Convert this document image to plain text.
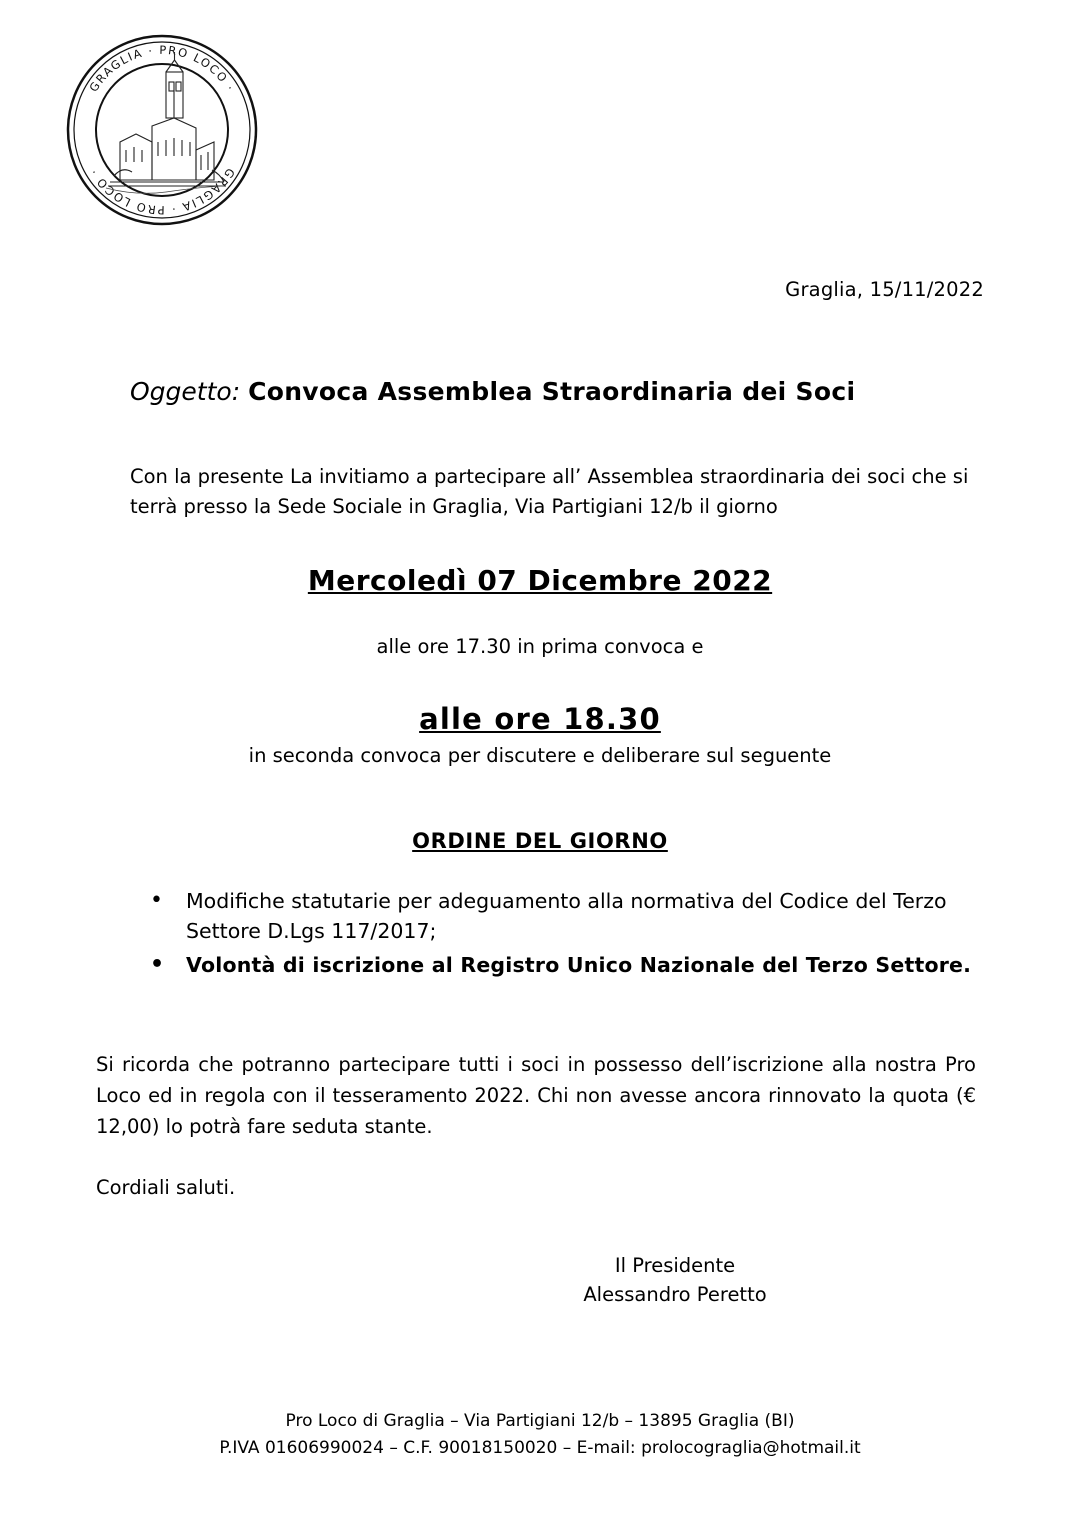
GRAGLIA · PRO LOCO ·
GRAGLIA · PRO LOCO ·
Graglia, 15/11/2022
Oggetto: Convoca Assemblea Straordinaria dei Soci
Con la presente La invitiamo a partecipare all’ Assemblea straordinaria dei soci che si terrà presso la Sede Sociale in Graglia, Via Partigiani 12/b il giorno
Mercoledì 07 Dicembre 2022
alle ore 17.30 in prima convoca e
alle ore 18.30
in seconda convoca per discutere e deliberare sul seguente
ORDINE DEL GIORNO
• Modifiche statutarie per adeguamento alla normativa del Codice del Terzo Settore D.Lgs 117/2017;
• Volontà di iscrizione al Registro Unico Nazionale del Terzo Settore.
Si ricorda che potranno partecipare tutti i soci in possesso dell’iscrizione alla nostra Pro Loco ed in regola con il tesseramento 2022. Chi non avesse ancora rinnovato la quota (€ 12,00) lo potrà fare seduta stante.
Cordiali saluti.
Il Presidente
Alessandro Peretto
Pro Loco di Graglia – Via Partigiani 12/b – 13895 Graglia (BI)
P.IVA 01606990024 – C.F. 90018150020 – E-mail: prolocograglia@hotmail.it
